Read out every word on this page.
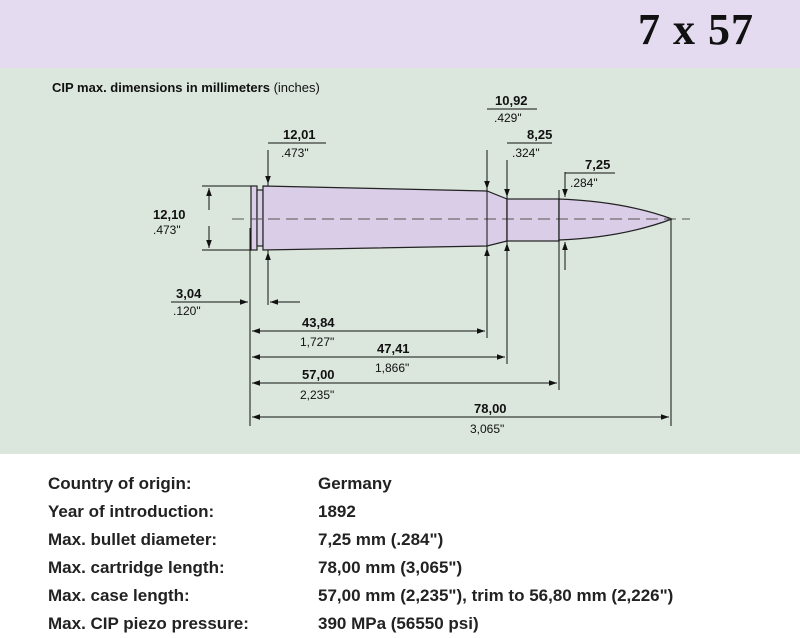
7 x 57
CIP max. dimensions in millimeters (inches)
12,01
.473"
12,10
.473"
10,92
.429"
8,25
.324"
7,25
.284"
3,04
.120"
43,84
1,727"	47,41
1,866"
57,00
2,235"
78,00
3,065"
Country of origin:	Germany
Year of introduction:	1892
Max. bullet diameter:	7,25 mm (.284")
Max. cartridge length:	78,00 mm (3,065")
Max. case length:	57,00 mm (2,235"), trim to 56,80 mm (2,226")
Max. CIP piezo pressure:	390 MPa (56550 psi)
